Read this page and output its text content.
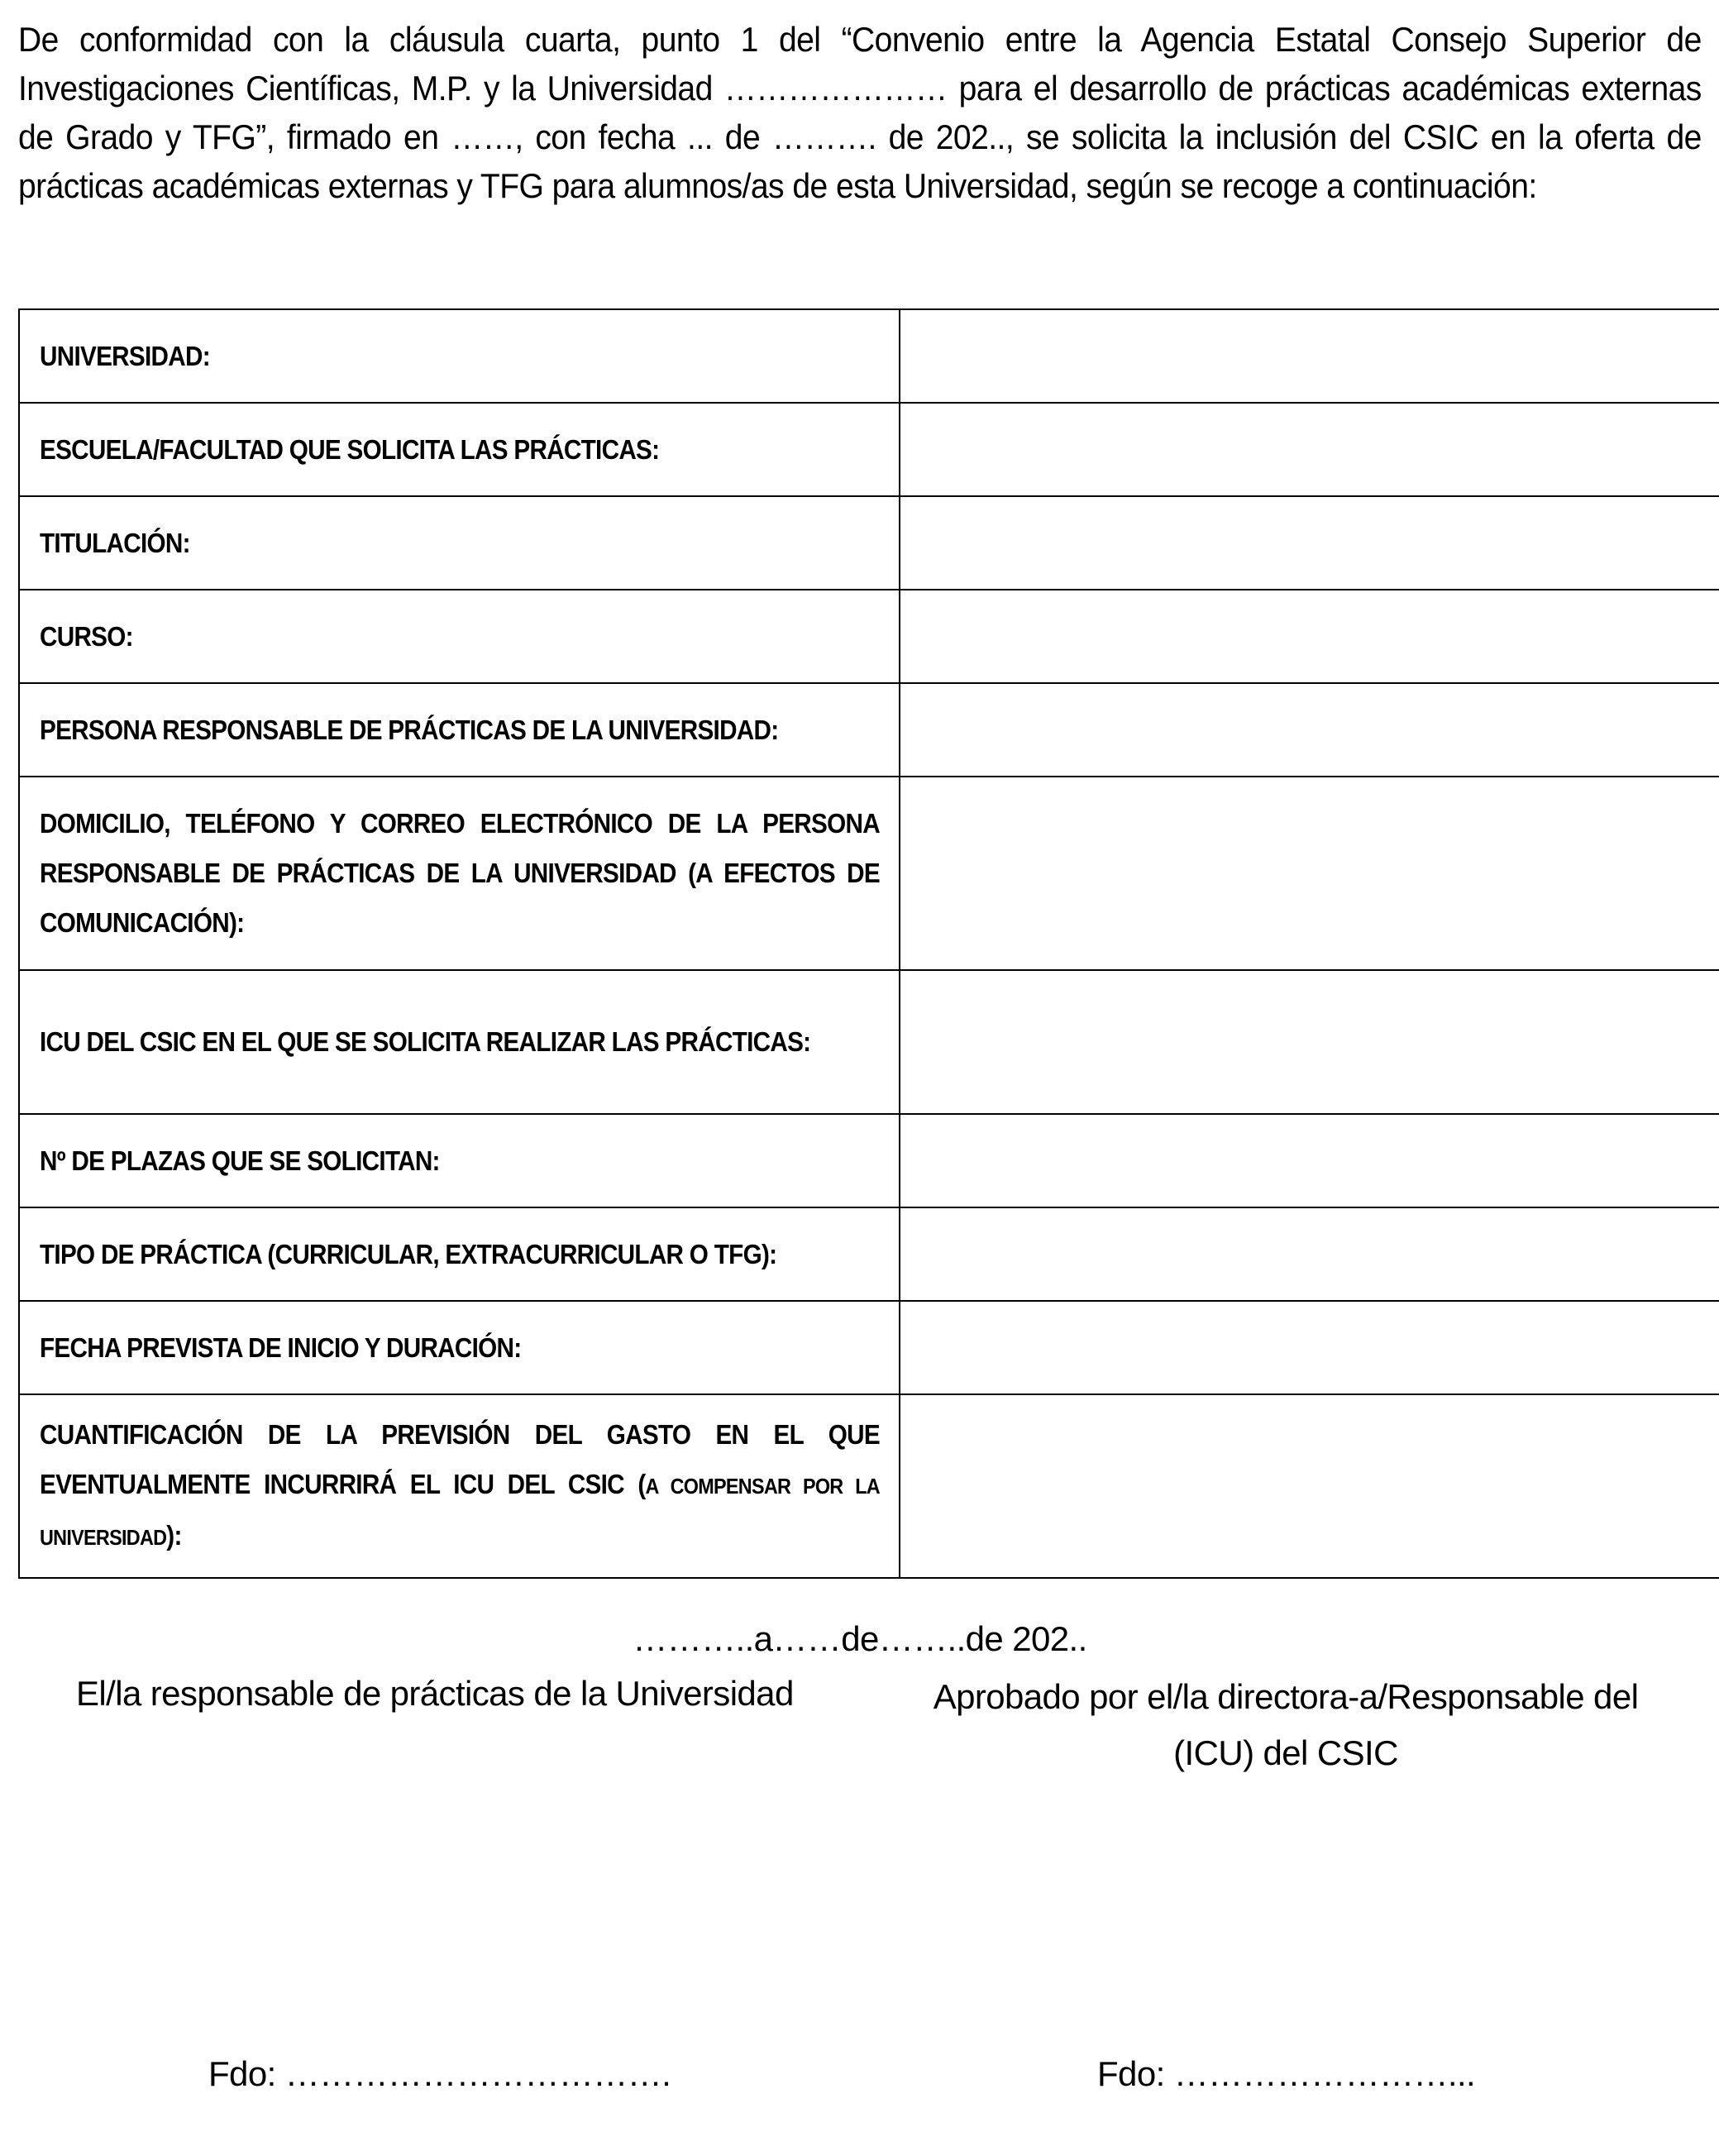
De conformidad con la cláusula cuarta, punto 1 del “Convenio entre la Agencia Estatal Consejo Superior de Investigaciones Científicas, M.P. y la Universidad ………………… para el desarrollo de prácticas académicas externas de Grado y TFG”, firmado en ……, con fecha ... de ………. de 202.., se solicita la inclusión del CSIC en la oferta de prácticas académicas externas y TFG para alumnos/as de esta Universidad, según se recoge a continuación:

UNIVERSIDAD:	

ESCUELA/FACULTAD QUE SOLICITA LAS PRÁCTICAS:	

TITULACIÓN:	

CURSO:	

PERSONA RESPONSABLE DE PRÁCTICAS DE LA UNIVERSIDAD:	

DOMICILIO, TELÉFONO Y CORREO ELECTRÓNICO DE LA PERSONA RESPONSABLE DE PRÁCTICAS DE LA UNIVERSIDAD (A EFECTOS DE COMUNICACIÓN):	

ICU DEL CSIC EN EL QUE SE SOLICITA REALIZAR LAS PRÁCTICAS:	

Nº DE PLAZAS QUE SE SOLICITAN:	

TIPO DE PRÁCTICA (CURRICULAR, EXTRACURRICULAR O TFG):	

FECHA PREVISTA DE INICIO Y DURACIÓN:	

CUANTIFICACIÓN DE LA PREVISIÓN DEL GASTO EN EL QUE EVENTUALMENTE INCURRIRÁ EL ICU DEL CSIC (A COMPENSAR POR LA UNIVERSIDAD):	

………..a……de……..de 202..
El/la responsable de prácticas de la Universidad	Aprobado por el/la directora-a/Responsable del
(ICU) del CSIC
Fdo: …………………………….	Fdo: ……………………...
